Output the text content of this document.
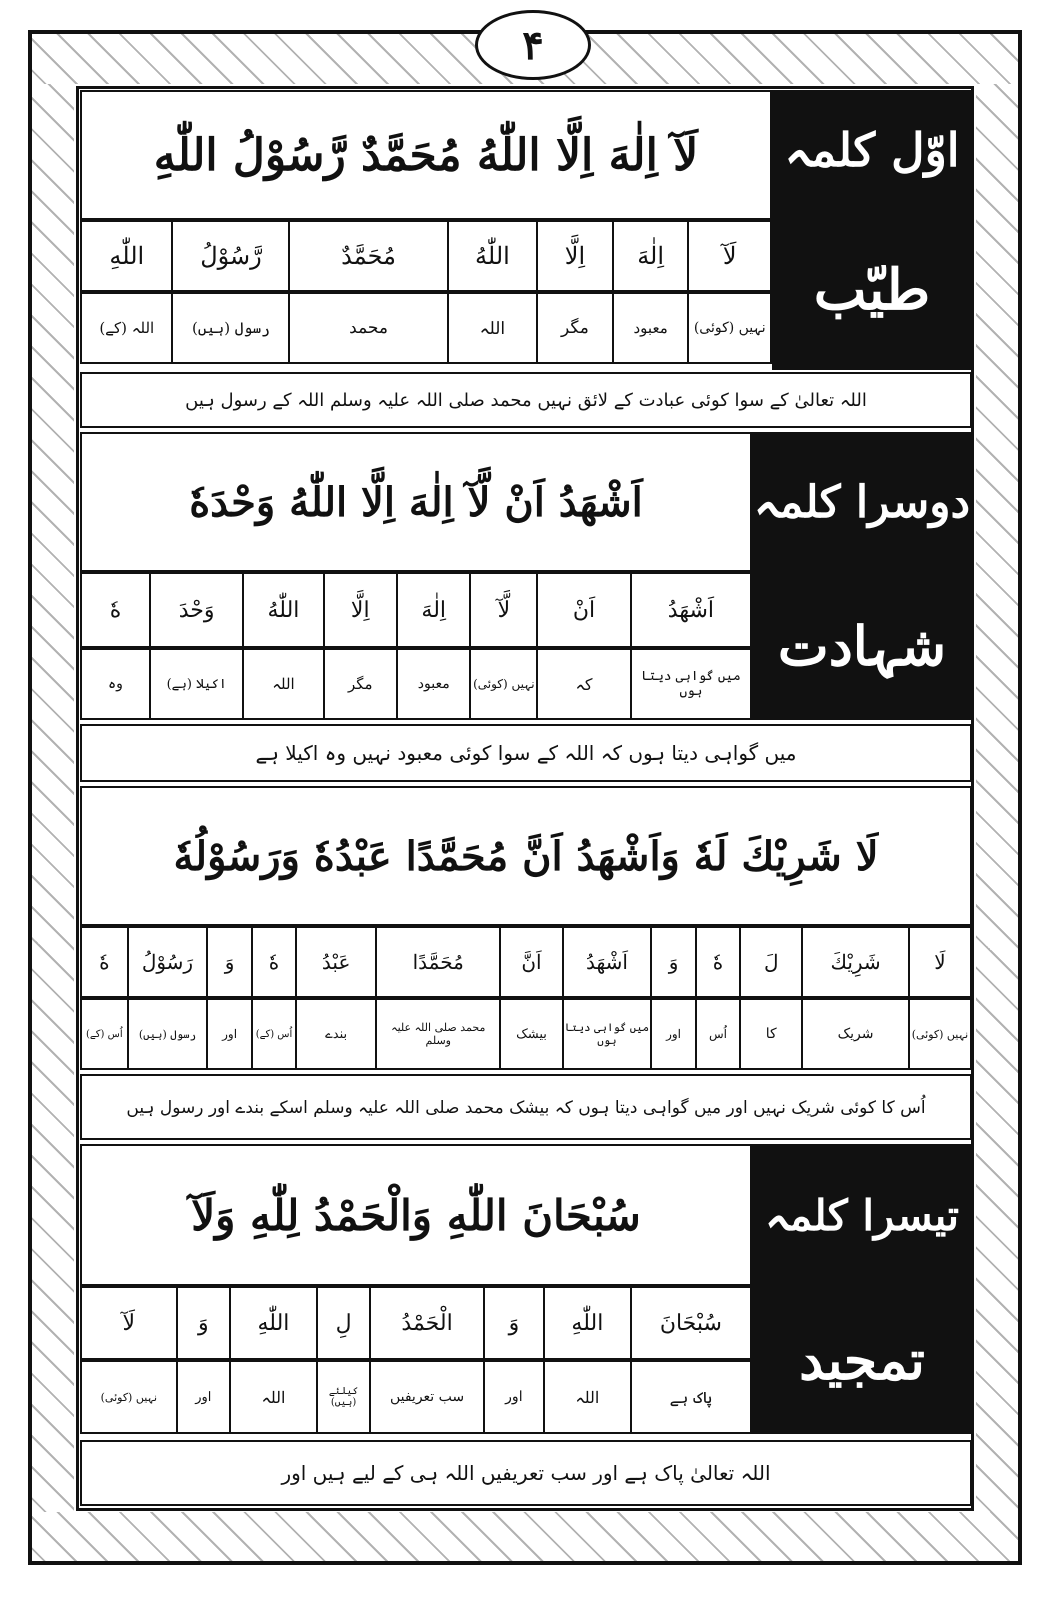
۴
اوّل کلمہ
طیّب
لَآ اِلٰهَ اِلَّا اللّٰهُ مُحَمَّدٌ رَّسُوْلُ اللّٰهِ
لَآ
اِلٰهَ
اِلَّا
اللّٰهُ
مُحَمَّدٌ
رَّسُوْلُ
اللّٰهِ
نہیں (کوئی)
معبود
مگر
اللہ
محمد
رسول (ہیں)
اللہ (کے)
اللہ تعالیٰ کے سوا کوئی عبادت کے لائق نہیں محمد صلی اللہ علیہ وسلم اللہ کے رسول ہیں
دوسرا کلمہ
شہادت
اَشْهَدُ اَنْ لَّآ اِلٰهَ اِلَّا اللّٰهُ وَحْدَهٗ
اَشْهَدُ
اَنْ
لَّآ
اِلٰهَ
اِلَّا
اللّٰهُ
وَحْدَ
هٗ
میں گواہی دیتا ہوں
کہ
نہیں (کوئی)
معبود
مگر
اللہ
اکیلا (ہے)
وہ
میں گواہی دیتا ہوں کہ اللہ کے سوا کوئی معبود نہیں وہ اکیلا ہے
لَا شَرِيْكَ لَهٗ وَاَشْهَدُ اَنَّ مُحَمَّدًا عَبْدُهٗ وَرَسُوْلُهٗ
لَا
شَرِيْكَ
لَ
هٗ
وَ
اَشْهَدُ
اَنَّ
مُحَمَّدًا
عَبْدُ
هٗ
وَ
رَسُوْلُ
هٗ
نہیں (کوئی)
شریک
کا
اُس
اور
میں گواہی دیتا ہوں
بیشک
محمد صلی اللہ علیہ وسلم
بندے
اُس (کے)
اور
رسول (ہیں)
اُس (کے)
اُس کا کوئی شریک نہیں اور میں گواہی دیتا ہوں کہ بیشک محمد صلی اللہ علیہ وسلم اسکے بندے اور رسول ہیں
تیسرا کلمہ
تمجید
سُبْحَانَ اللّٰهِ وَالْحَمْدُ لِلّٰهِ وَلَآ
سُبْحَانَ
اللّٰهِ
وَ
الْحَمْدُ
لِ
اللّٰهِ
وَ
لَآ
پاک ہے
اللہ
اور
سب تعریفیں
کیلئے (ہیں)
اللہ
اور
نہیں (کوئی)
اللہ تعالیٰ پاک ہے اور سب تعریفیں اللہ ہی کے لیے ہیں اور
